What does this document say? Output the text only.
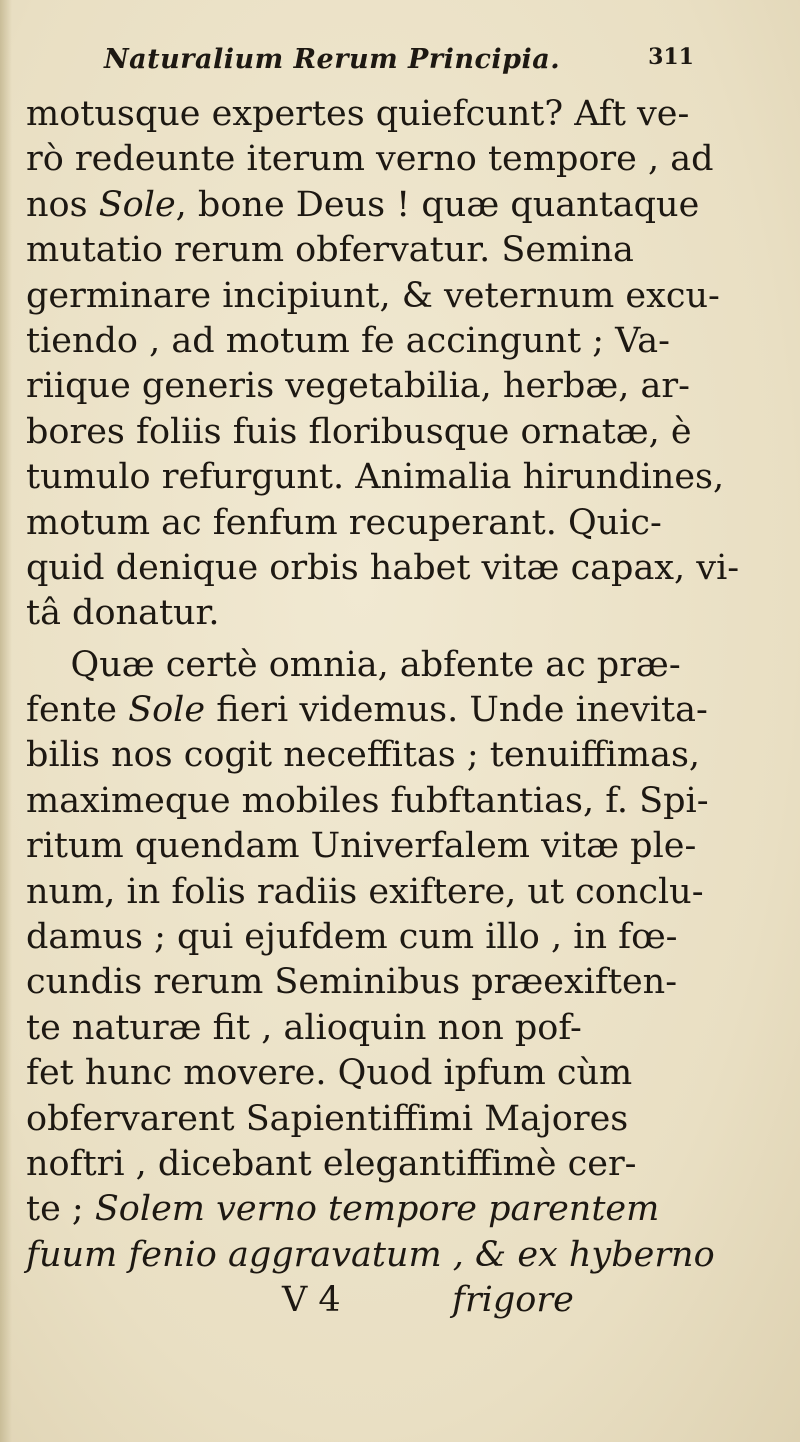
Naturalium Rerum Principia.	311
motusque expertes quiefcunt? Aft ve-
rò redeunte iterum verno tempore , ad
nos Sole, bone Deus ! quæ quantaque
mutatio rerum obfervatur. Semina
germinare incipiunt, & veternum excu-
tiendo , ad motum fe accingunt ; Va-
riique generis vegetabilia, herbæ, ar-
bores foliis fuis floribusque ornatæ, è
tumulo refurgunt. Animalia hirundines,
motum ac fenfum recuperant. Quic-
quid denique orbis habet vitæ capax, vi-
tâ donatur.
Quæ certè omnia, abfente ac præ-
fente Sole fieri videmus. Unde inevita-
bilis nos cogit neceffitas ; tenuiffimas,
maximeque mobiles fubftantias, f. Spi-
ritum quendam Univerfalem vitæ ple-
num, in folis radiis exiftere, ut conclu-
damus ; qui ejufdem cum illo , in fœ-
cundis rerum Seminibus præexiften-
te naturæ fit , alioquin non pof-
fet hunc movere. Quod ipfum cùm
obfervarent Sapientiffimi Majores
noftri , dicebant elegantiffimè cer-
te ; Solem verno tempore parentem
fuum fenio aggravatum , & ex hyberno
V 4	frigore
